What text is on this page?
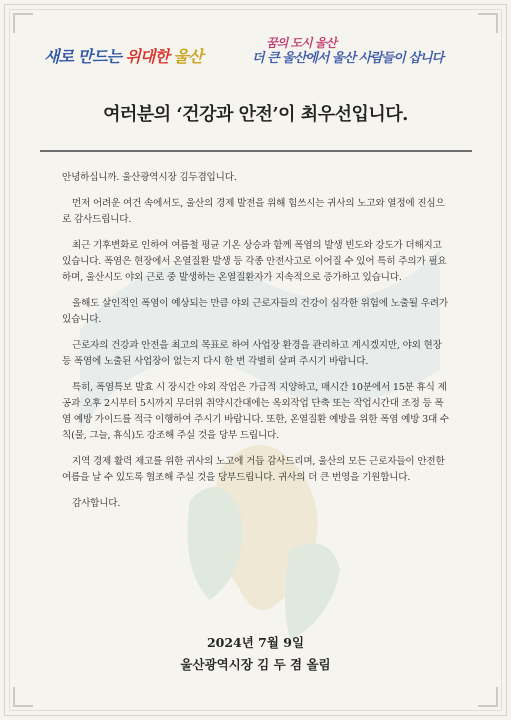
새로 만드는 위대한 울산
꿈의 도시 울산
더 큰 울산에서 울산 사람들이 삽니다
여러분의 ‘건강과 안전’이 최우선입니다.

안녕하십니까. 울산광역시장 김두겸입니다.

먼저 어려운 여건 속에서도, 울산의 경제 발전을 위해 힘쓰시는 귀사의 노고와 열정에 진심으로 감사드립니다.

최근 기후변화로 인하여 여름철 평균 기온 상승과 함께 폭염의 발생 빈도와 강도가 더해지고 있습니다. 폭염은 현장에서 온열질환 발생 등 각종 안전사고로 이어질 수 있어 특히 주의가 필요하며, 울산시도 야외 근로 중 발생하는 온열질환자가 지속적으로 증가하고 있습니다.

올해도 살인적인 폭염이 예상되는 만큼 야외 근로자들의 건강이 심각한 위험에 노출될 우려가 있습니다.

근로자의 건강과 안전을 최고의 목표로 하여 사업장 환경을 관리하고 계시겠지만, 야외 현장 등 폭염에 노출된 사업장이 없는지 다시 한 번 각별히 살펴 주시기 바랍니다.

특히, 폭염특보 발효 시 장시간 야외 작업은 가급적 지양하고, 매시간 10분에서 15분 휴식 제공과 오후 2시부터 5시까지 무더위 취약시간대에는 옥외작업 단축 또는 작업시간대 조정 등 폭염 예방 가이드를 적극 이행하여 주시기 바랍니다. 또한, 온열질환 예방을 위한 폭염 예방 3대 수칙(물, 그늘, 휴식)도 강조해 주실 것을 당부 드립니다.

지역 경제 활력 제고를 위한 귀사의 노고에 거듭 감사드리며, 울산의 모든 근로자들이 안전한 여름을 날 수 있도록 협조해 주실 것을 당부드립니다. 귀사의 더 큰 번영을 기원합니다.

감사합니다.

2024년 7월 9일
울산광역시장 김 두 겸 올림
